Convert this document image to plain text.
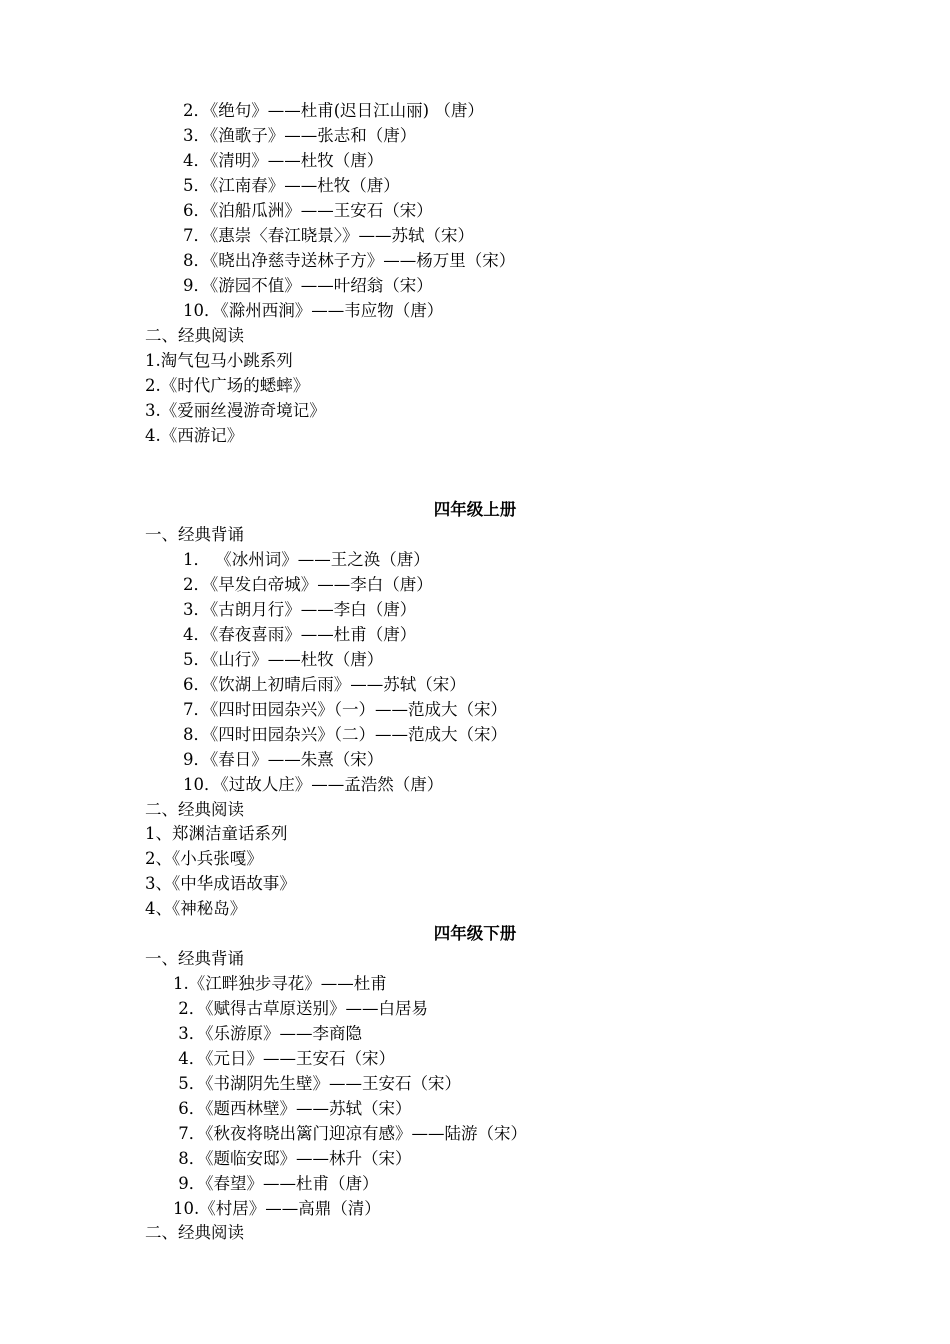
2．《绝句》——杜甫(迟日江山丽) （唐）
3．《渔歌子》——张志和（唐）
4．《清明》——杜牧（唐）
5．《江南春》——杜牧（唐）
6．《泊船瓜洲》——王安石（宋）
7．《惠崇〈春江晓景〉》——苏轼（宋）
8．《晓出净慈寺送林子方》——杨万里（宋）
9．《游园不值》——叶绍翁（宋）
10．《滁州西涧》——韦应物（唐）
二、经典阅读
1.淘气包马小跳系列
2.《时代广场的蟋蟀》
3.《爱丽丝漫游奇境记》
4.《西游记》
四年级上册
一、经典背诵
1． 《冰州词》——王之涣（唐）
2．《早发白帝城》——李白（唐）
3．《古朗月行》——李白（唐）
4．《春夜喜雨》——杜甫（唐）
5．《山行》——杜牧（唐）
6．《饮湖上初晴后雨》——苏轼（宋）
7．《四时田园杂兴》（一）——范成大（宋）
8．《四时田园杂兴》（二）——范成大（宋）
9．《春日》——朱熹（宋）
10．《过故人庄》——孟浩然（唐）
二、经典阅读
1、郑渊洁童话系列
2、《小兵张嘎》
3、《中华成语故事》
4、《神秘岛》
四年级下册
一、经典背诵
1.《江畔独步寻花》——杜甫
2．《赋得古草原送别》——白居易
3．《乐游原》——李商隐
4．《元日》——王安石（宋）
5．《书湖阴先生壁》——王安石（宋）
6．《题西林壁》——苏轼（宋）
7．《秋夜将晓出篱门迎凉有感》——陆游（宋）
8．《题临安邸》——林升（宋）
9．《春望》——杜甫（唐）
10.《村居》——高鼎（清）
二、经典阅读
